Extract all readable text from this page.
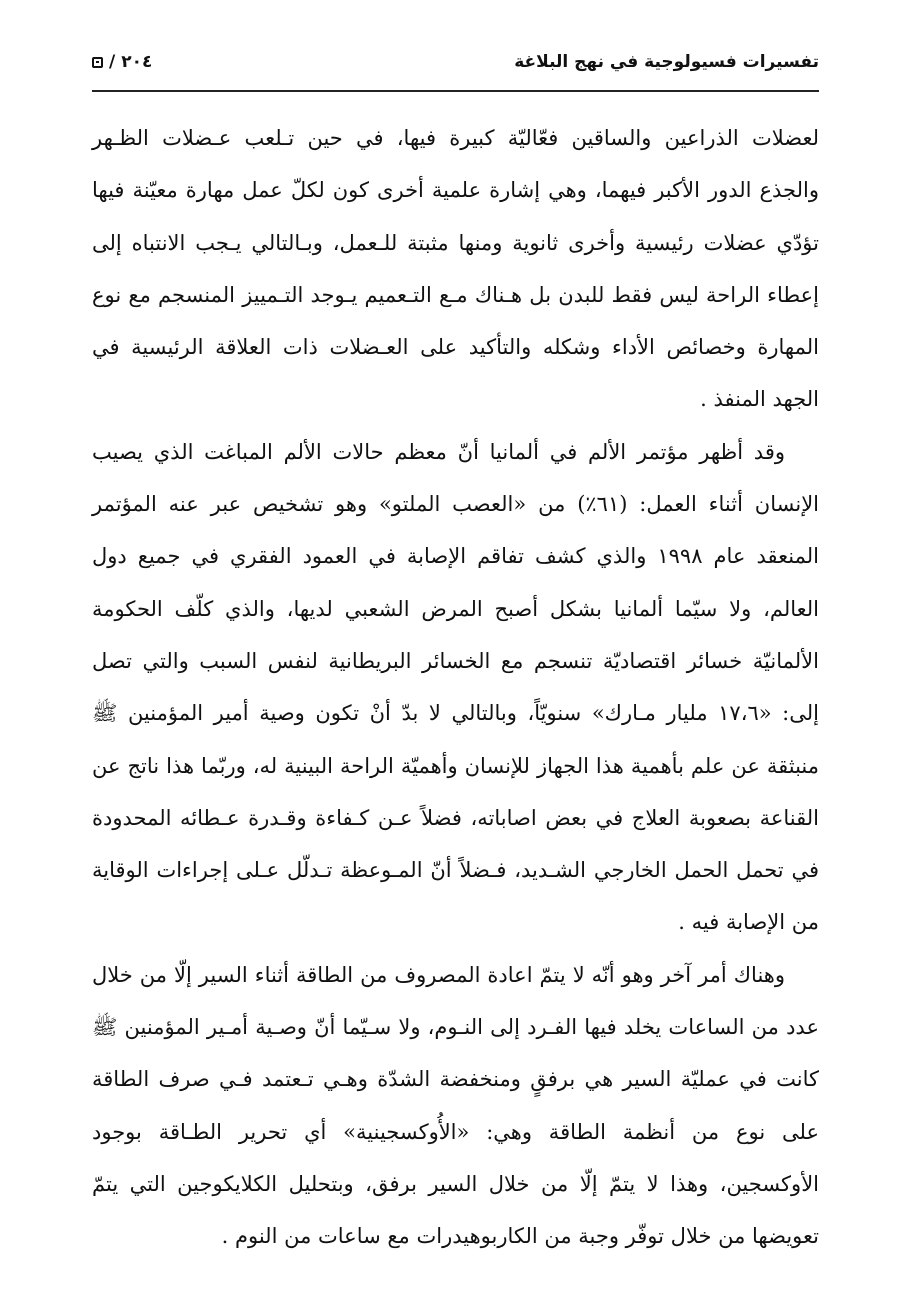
تفسيرات فسيولوجية في نهج البلاغة
٢٠٤
/

لعضلات الذراعين والساقين فعّاليّة كبيرة فيها، في حين تـلعب عـضلات الظـهر والجذع الدور الأكبر فيهما، وهي إشارة علمية أخرى كون لكلّ عمل مهارة معيّنة فيها تؤدّي عضلات رئيسية وأخرى ثانوية ومنها مثبتة للـعمل، وبـالتالي يـجب الانتباه إلى إعطاء الراحة ليس فقط للبدن بل هـناك مـع التـعميم يـوجد التـمييز المنسجم مع نوع المهارة وخصائص الأداء وشكله والتأكيد على العـضلات ذات العلاقة الرئيسية في الجهد المنفذ .

وقد أظهر مؤتمر الألم في ألمانيا أنّ معظم حالات الألم المباغت الذي يصيب الإنسان أثناء العمل: (٦١٪) من «العصب الملتو» وهو تشخيص عبر عنه المؤتمر المنعقد عام ١٩٩٨ والذي كشف تفاقم الإصابة في العمود الفقري في جميع دول العالم، ولا سيّما ألمانيا بشكل أصبح المرض الشعبي لديها، والذي كلّف الحكومة الألمانيّة خسائر اقتصاديّة تنسجم مع الخسائر البريطانية لنفس السبب والتي تصل إلى: «١٧،٦ مليار مـارك» سنويّاً، وبالتالي لا بدّ أنْ تكون وصية أمير المؤمنين ﷺ منبثقة عن علم بأهمية هذا الجهاز للإنسان وأهميّة الراحة البينية له، وربّما هذا ناتج عن القناعة بصعوبة العلاج في بعض اصاباته، فضلاً عـن كـفاءة وقـدرة عـطائه المحدودة في تحمل الحمل الخارجي الشـديد، فـضلاً أنّ المـوعظة تـدلّل عـلى إجراءات الوقاية من الإصابة فيه .

وهناك أمر آخر وهو أنّه لا يتمّ اعادة المصروف من الطاقة أثناء السير إلّا من خلال عدد من الساعات يخلد فيها الفـرد إلى النـوم، ولا سـيّما أنّ وصـية أمـير المؤمنين ﷺ كانت في عمليّة السير هي برفقٍ ومنخفضة الشدّة وهـي تـعتمد فـي صرف الطاقة على نوع من أنظمة الطاقة وهي: «الأُوكسجينية» أي تحرير الطـاقة بوجود الأوكسجين، وهذا لا يتمّ إلّا من خلال السير برفق، وبتحليل الكلايكوجين التي يتمّ تعويضها من خلال توفّر وجبة من الكاربوهيدرات مع ساعات من النوم .
